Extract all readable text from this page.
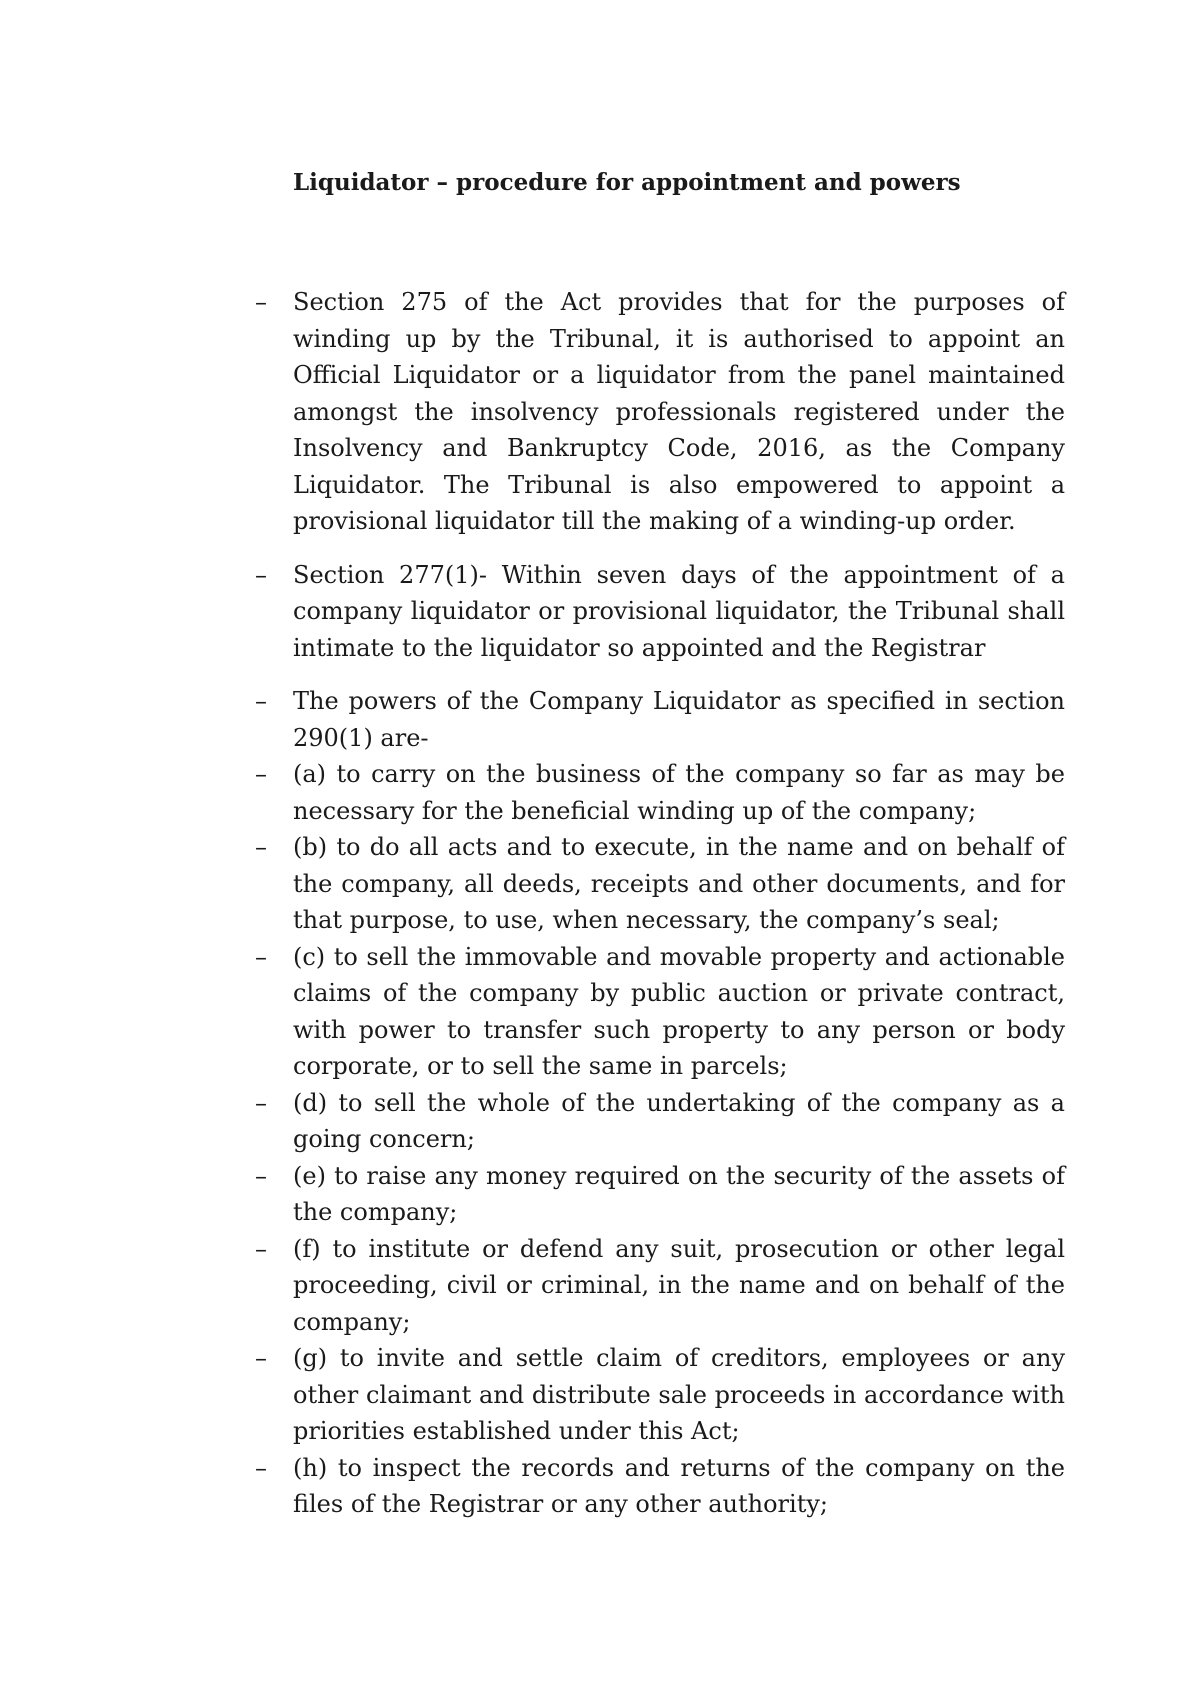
Liquidator – procedure for appointment and powers
– Section 275 of the Act provides that for the purposes of winding up by the Tribunal, it is authorised to appoint an Official Liquidator or a liquidator from the panel maintained amongst the insolvency professionals registered under the Insolvency and Bankruptcy Code, 2016, as the Company Liquidator. The Tribunal is also empowered to appoint a provisional liquidator till the making of a winding-up order.
– Section 277(1)- Within seven days of the appointment of a company liquidator or provisional liquidator, the Tribunal shall intimate to the liquidator so appointed and the Registrar
– The powers of the Company Liquidator as specified in section 290(1) are-
– (a) to carry on the business of the company so far as may be necessary for the beneficial winding up of the company;
– (b) to do all acts and to execute, in the name and on behalf of the company, all deeds, receipts and other documents, and for that purpose, to use, when necessary, the company’s seal;
– (c) to sell the immovable and movable property and actionable claims of the company by public auction or private contract, with power to transfer such property to any person or body corporate, or to sell the same in parcels;
– (d) to sell the whole of the undertaking of the company as a going concern;
– (e) to raise any money required on the security of the assets of the company;
– (f) to institute or defend any suit, prosecution or other legal proceeding, civil or criminal, in the name and on behalf of the company;
– (g) to invite and settle claim of creditors, employees or any other claimant and distribute sale proceeds in accordance with priorities established under this Act;
– (h) to inspect the records and returns of the company on the files of the Registrar or any other authority;
